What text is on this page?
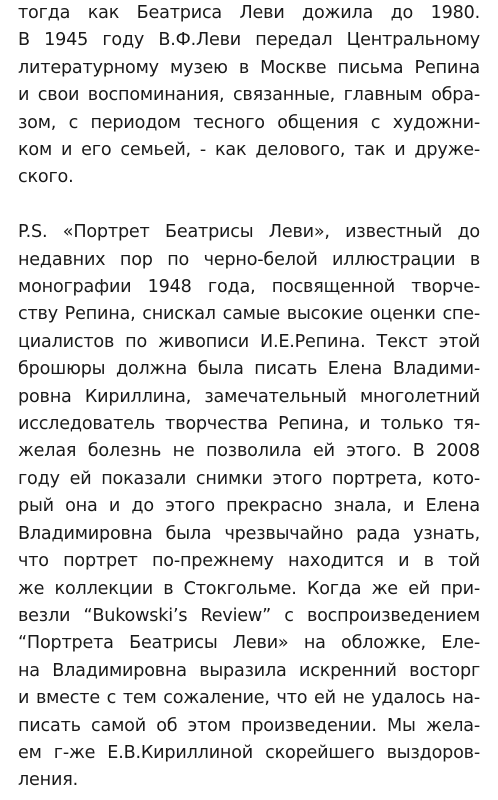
тогда как Беатриса Леви дожила до 1980.
В 1945 году В.Ф.Леви передал Центральному
литературному музею в Москве письма Репина
и свои воспоминания, связанные, главным обра-
зом, с периодом тесного общения с художни-
ком и его семьей, - как делового, так и друже-
ского.
P.S. «Портрет Беатрисы Леви», известный до
недавних пор по черно-белой иллюстрации в
монографии 1948 года, посвященной творче-
ству Репина, снискал самые высокие оценки спе-
циалистов по живописи И.Е.Репина. Текст этой
брошюры должна была писать Елена Владими-
ровна Кириллина, замечательный многолетний
исследователь творчества Репина, и только тя-
желая болезнь не позволила ей этого. В 2008
году ей показали снимки этого портрета, кото-
рый она и до этого прекрасно знала, и Елена
Владимировна была чрезвычайно рада узнать,
что портрет по-прежнему находится и в той
же коллекции в Стокгольме. Когда же ей при-
везли “Bukowski’s Review” с воспроизведением
“Портрета Беатрисы Леви» на обложке, Еле-
на Владимировна выразила искренний восторг
и вместе с тем сожаление, что ей не удалось на-
писать самой об этом произведении. Мы жела-
ем г-же Е.В.Кириллиной скорейшего выздоров-
ления.
